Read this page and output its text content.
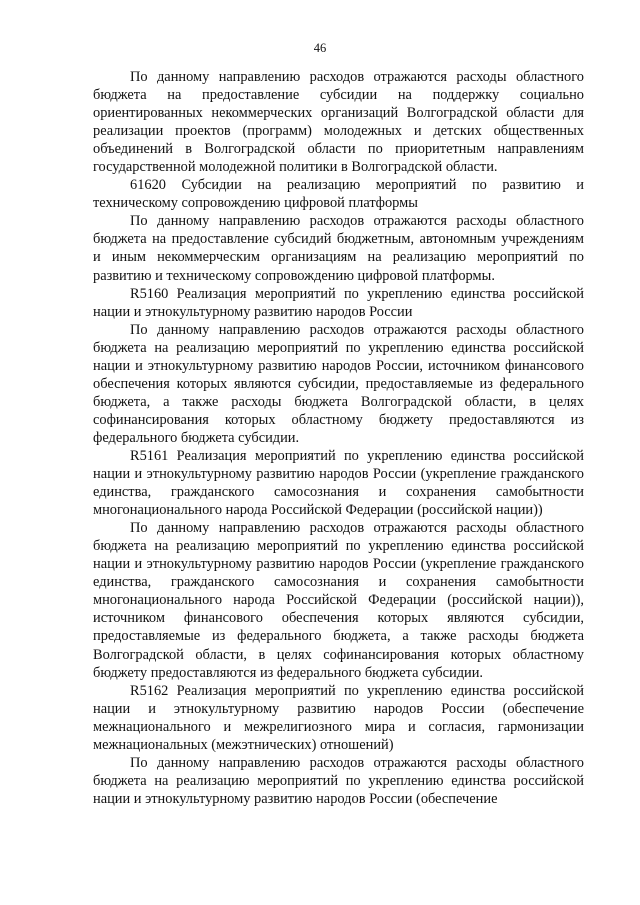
46

По данному направлению расходов отражаются расходы областного бюджета на предоставление субсидии на поддержку социально ориентированных некоммерческих организаций Волгоградской области для реализации проектов (программ) молодежных и детских общественных объединений в Волгоградской области по приоритетным направлениям государственной молодежной политики в Волгоградской области.

61620 Субсидии на реализацию мероприятий по развитию и техническому сопровождению цифровой платформы

По данному направлению расходов отражаются расходы областного бюджета на предоставление субсидий бюджетным, автономным учреждениям и иным некоммерческим организациям на реализацию мероприятий по развитию и техническому сопровождению цифровой платформы.

R5160 Реализация мероприятий по укреплению единства российской нации и этнокультурному развитию народов России

По данному направлению расходов отражаются расходы областного бюджета на реализацию мероприятий по укреплению единства российской нации и этнокультурному развитию народов России, источником финансового обеспечения которых являются субсидии, предоставляемые из федерального бюджета, а также расходы бюджета Волгоградской области, в целях софинансирования которых областному бюджету предоставляются из федерального бюджета субсидии.

R5161 Реализация мероприятий по укреплению единства российской нации и этнокультурному развитию народов России (укрепление гражданского единства, гражданского самосознания и сохранения самобытности многонационального народа Российской Федерации (российской нации))

По данному направлению расходов отражаются расходы областного бюджета на реализацию мероприятий по укреплению единства российской нации и этнокультурному развитию народов России (укрепление гражданского единства, гражданского самосознания и сохранения самобытности многонационального народа Российской Федерации (российской нации)), источником финансового обеспечения которых являются субсидии, предоставляемые из федерального бюджета, а также расходы бюджета Волгоградской области, в целях софинансирования которых областному бюджету предоставляются из федерального бюджета субсидии.

R5162 Реализация мероприятий по укреплению единства российской нации и этнокультурному развитию народов России (обеспечение межнационального и межрелигиозного мира и согласия, гармонизации межнациональных (межэтнических) отношений)

По данному направлению расходов отражаются расходы областного бюджета на реализацию мероприятий по укреплению единства российской нации и этнокультурному развитию народов России (обеспечение
